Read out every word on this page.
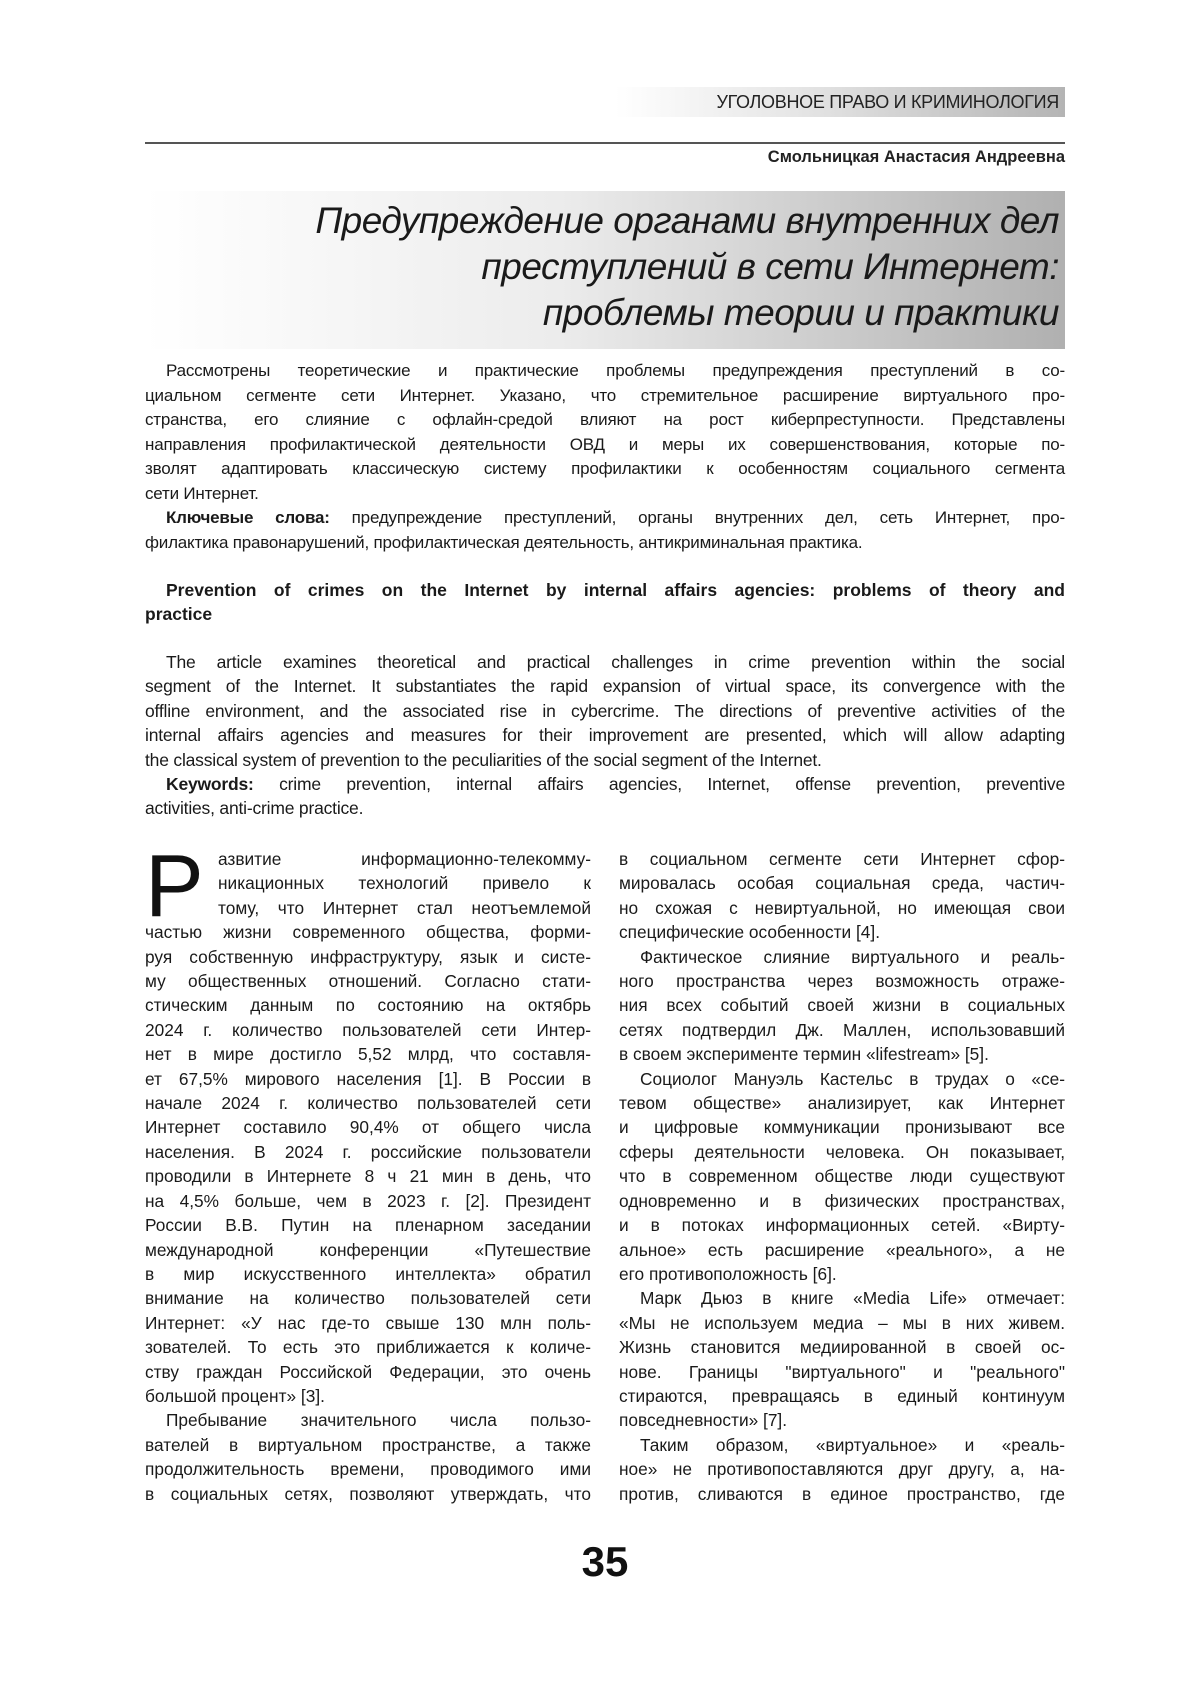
УГОЛОВНОЕ ПРАВО И КРИМИНОЛОГИЯ
Смольницкая Анастасия Андреевна
Предупреждение органами внутренних дел
преступлений в сети Интернет:
проблемы теории и практики
Рассмотрены теоретические и практические проблемы предупреждения преступлений в со-
циальном сегменте сети Интернет. Указано, что стремительное расширение виртуального про-
странства, его слияние с офлайн-средой влияют на рост киберпреступности. Представлены
направления профилактической деятельности ОВД и меры их совершенствования, которые по-
зволят адаптировать классическую систему профилактики к особенностям социального сегмента
сети Интернет.
Ключевые слова: предупреждение преступлений, органы внутренних дел, сеть Интернет, про-
филактика правонарушений, профилактическая деятельность, антикриминальная практика.
Prevention of crimes on the Internet by internal affairs agencies: problems of theory and
practice
The article examines theoretical and practical challenges in crime prevention within the social
segment of the Internet. It substantiates the rapid expansion of virtual space, its convergence with the
offline environment, and the associated rise in cybercrime. The directions of preventive activities of the
internal affairs agencies and measures for their improvement are presented, which will allow adapting
the classical system of prevention to the peculiarities of the social segment of the Internet.
Keywords: crime prevention, internal affairs agencies, Internet, offense prevention, preventive
activities, anti-crime practice.
Р азвитие информационно-телекомму-
никационных технологий привело к
тому, что Интернет стал неотъемлемой
частью жизни современного общества, форми-
руя собственную инфраструктуру, язык и систе-
му общественных отношений. Согласно стати-
стическим данным по состоянию на октябрь
2024 г. количество пользователей сети Интер-
нет в мире достигло 5,52 млрд, что составля-
ет 67,5% мирового населения [1]. В России в
начале 2024 г. количество пользователей сети
Интернет составило 90,4% от общего числа
населения. В 2024 г. российские пользователи
проводили в Интернете 8 ч 21 мин в день, что
на 4,5% больше, чем в 2023 г. [2]. Президент
России В.В. Путин на пленарном заседании
международной конференции «Путешествие
в мир искусственного интеллекта» обратил
внимание на количество пользователей сети
Интернет: «У нас где-то свыше 130 млн поль-
зователей. То есть это приближается к количе-
ству граждан Российской Федерации, это очень
большой процент» [3].
Пребывание значительного числа пользо-
вателей в виртуальном пространстве, а также
продолжительность времени, проводимого ими
в социальных сетях, позволяют утверждать, что
в социальном сегменте сети Интернет сфор-
мировалась особая социальная среда, частич-
но схожая с невиртуальной, но имеющая свои
специфические особенности [4].
Фактическое слияние виртуального и реаль-
ного пространства через возможность отраже-
ния всех событий своей жизни в социальных
сетях подтвердил Дж. Маллен, использовавший
в своем эксперименте термин «lifestream» [5].
Социолог Мануэль Кастельс в трудах о «се-
тевом обществе» анализирует, как Интернет
и цифровые коммуникации пронизывают все
сферы деятельности человека. Он показывает,
что в современном обществе люди существуют
одновременно и в физических пространствах,
и в потоках информационных сетей. «Вирту-
альное» есть расширение «реального», а не
его противоположность [6].
Марк Дьюз в книге «Media Life» отмечает:
«Мы не используем медиа – мы в них живем.
Жизнь становится медиированной в своей ос-
нове. Границы "виртуального" и "реального"
стираются, превращаясь в единый континуум
повседневности» [7].
Таким образом, «виртуальное» и «реаль-
ное» не противопоставляются друг другу, а, на-
против, сливаются в единое пространство, где
35
